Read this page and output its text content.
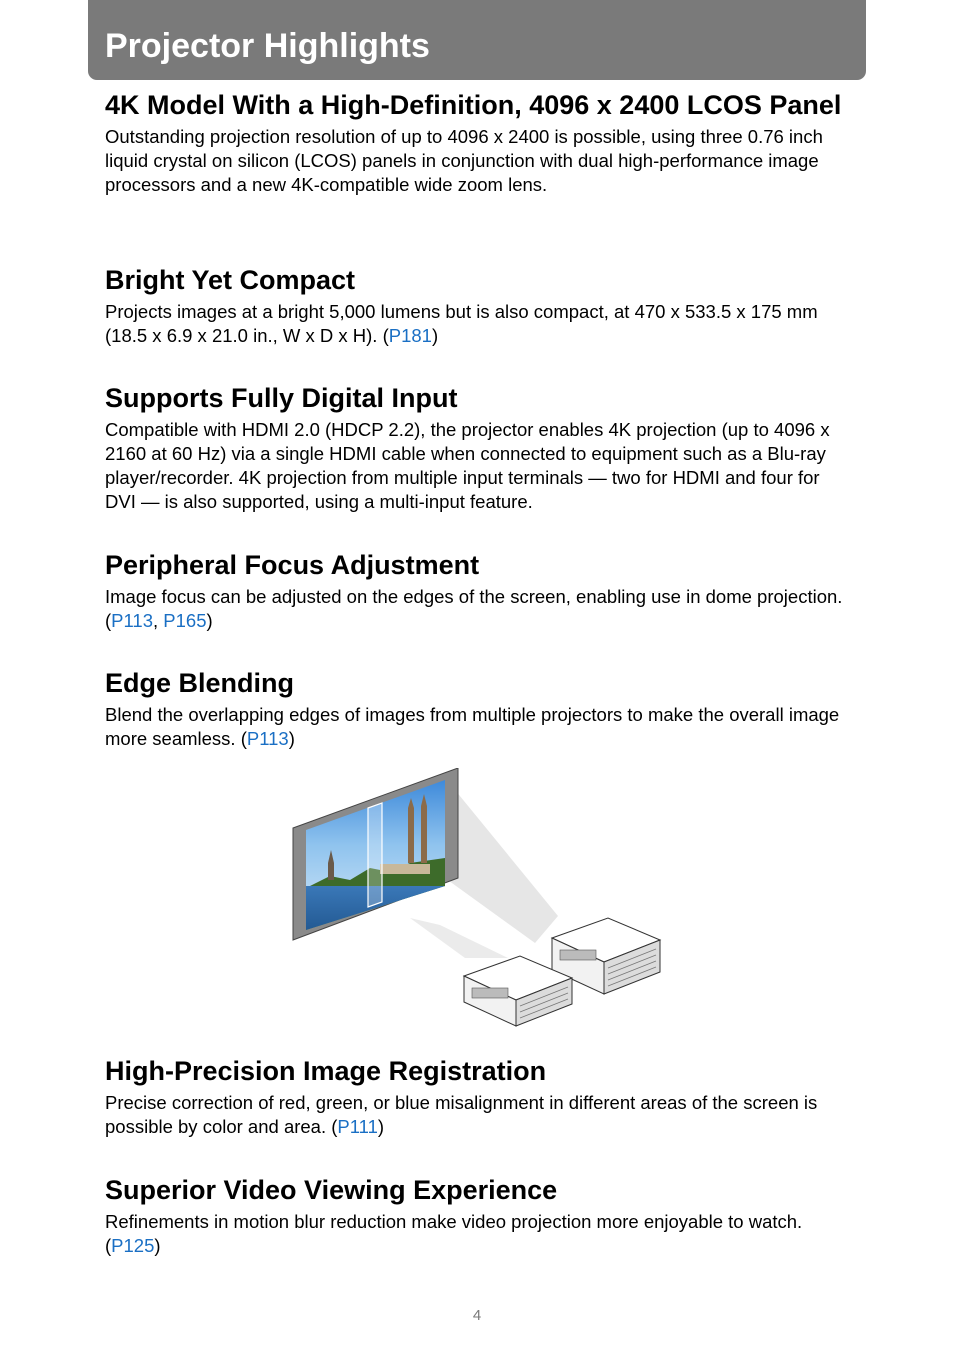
Projector Highlights
4K Model With a High-Definition, 4096 x 2400 LCOS Panel

Outstanding projection resolution of up to 4096 x 2400 is possible, using three 0.76 inch liquid crystal on silicon (LCOS) panels in conjunction with dual high-performance image processors and a new 4K-compatible wide zoom lens.

Bright Yet Compact

Projects images at a bright 5,000 lumens but is also compact, at 470 x 533.5 x 175 mm (18.5 x 6.9 x 21.0 in., W x D x H). (P181)

Supports Fully Digital Input

Compatible with HDMI 2.0 (HDCP 2.2), the projector enables 4K projection (up to 4096 x 2160 at 60 Hz) via a single HDMI cable when connected to equipment such as a Blu-ray player/recorder. 4K projection from multiple input terminals — two for HDMI and four for DVI — is also supported, using a multi-input feature.

Peripheral Focus Adjustment

Image focus can be adjusted on the edges of the screen, enabling use in dome projection. (P113, P165)

Edge Blending

Blend the overlapping edges of images from multiple projectors to make the overall image more seamless. (P113)

High-Precision Image Registration

Precise correction of red, green, or blue misalignment in different areas of the screen is possible by color and area. (P111)

Superior Video Viewing Experience

Refinements in motion blur reduction make video projection more enjoyable to watch. (P125)

4
